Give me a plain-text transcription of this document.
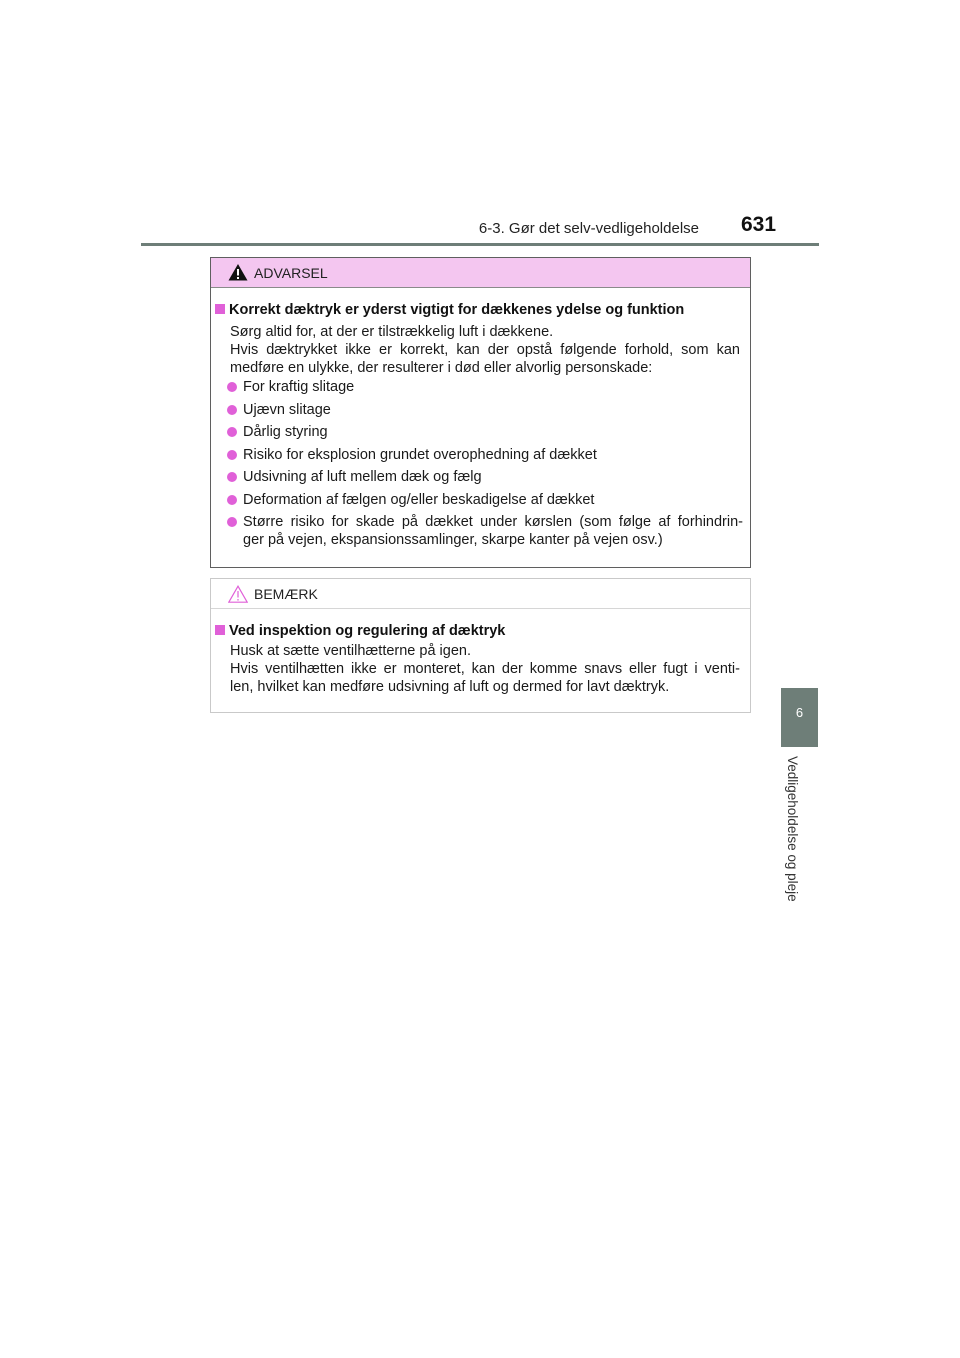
6-3. Gør det selv-vedligeholdelse 631
6
Vedligeholdelse og pleje
ADVARSEL
Korrekt dæktryk er yderst vigtigt for dækkenes ydelse og funktion
Sørg altid for, at der er tilstrækkelig luft i dækkene.
Hvis dæktrykket ikke er korrekt, kan der opstå følgende forhold, som kan
medføre en ulykke, der resulterer i død eller alvorlig personskade:
For kraftig slitage
Ujævn slitage
Dårlig styring
Risiko for eksplosion grundet overophedning af dækket
Udsivning af luft mellem dæk og fælg
Deformation af fælgen og/eller beskadigelse af dækket
Større risiko for skade på dækket under kørslen (som følge af forhindrin-
ger på vejen, ekspansionssamlinger, skarpe kanter på vejen osv.)
BEMÆRK
Ved inspektion og regulering af dæktryk
Husk at sætte ventilhætterne på igen.
Hvis ventilhætten ikke er monteret, kan der komme snavs eller fugt i venti-
len, hvilket kan medføre udsivning af luft og dermed for lavt dæktryk.
